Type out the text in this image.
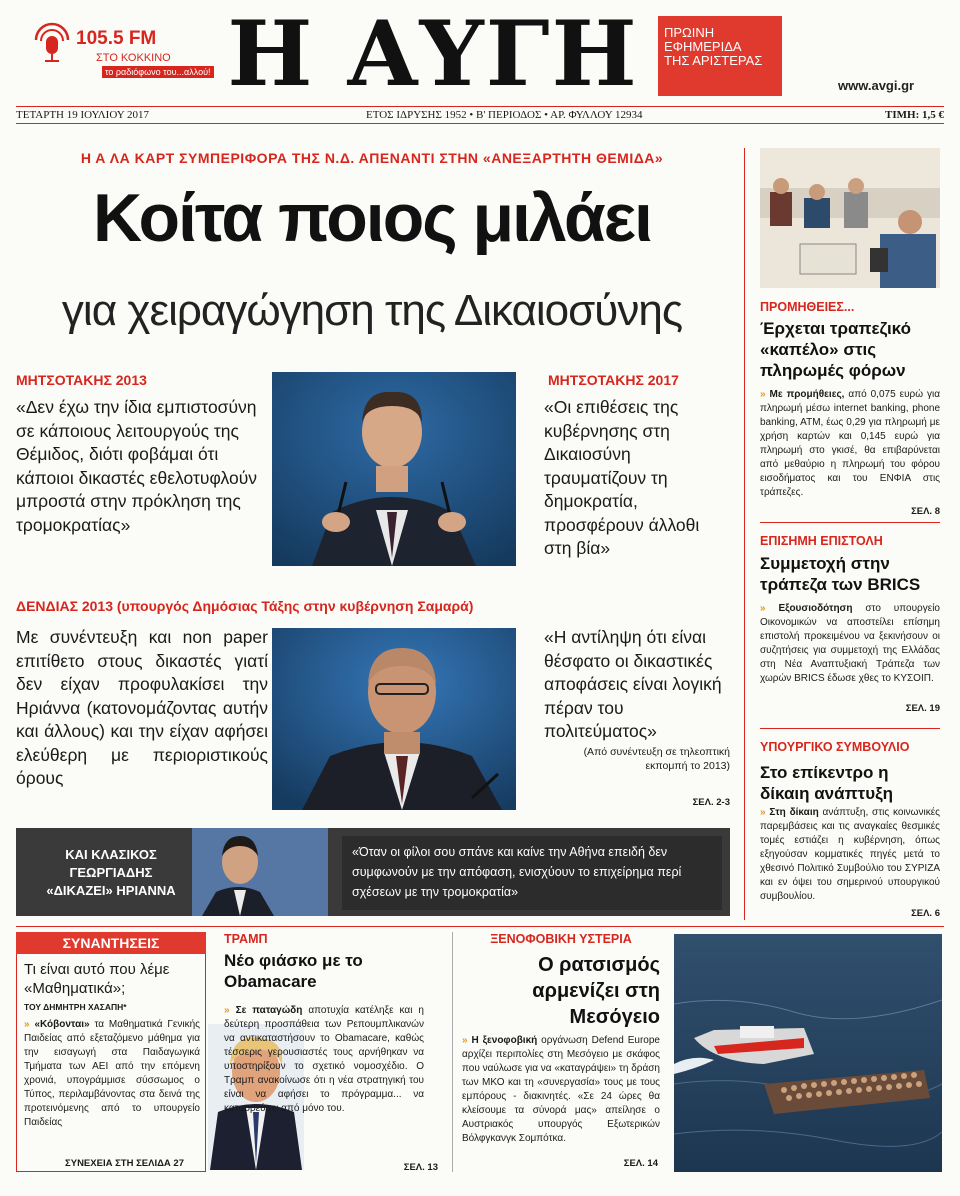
105.5 FM
ΣΤΟ ΚΟΚΚΙΝΟ
το ραδιόφωνο του...αλλού! Η ΑΥΓΗ	ΠΡΩΙΝΗ
ΕΦΗΜΕΡΙΔΑ
ΤΗΣ ΑΡΙΣΤΕΡΑΣ
www.avgi.gr
ΤΕΤΑΡΤΗ 19 ΙΟΥΛΙΟΥ 2017	ΕΤΟΣ ΙΔΡΥΣΗΣ 1952 • Β' ΠΕΡΙΟΔΟΣ • ΑΡ. ΦΥΛΛΟΥ 12934	ΤΙΜΗ: 1,5 €
Η Α ΛΑ ΚΑΡΤ ΣΥΜΠΕΡΙΦΟΡΑ ΤΗΣ Ν.Δ. ΑΠΕΝΑΝΤΙ ΣΤΗΝ «ΑΝΕΞΑΡΤΗΤΗ ΘΕΜΙΔΑ»
Κοίτα ποιος μιλάει
για χειραγώγηση της Δικαιοσύνης
ΜΗΤΣΟΤΑΚΗΣ 2013
«Δεν έχω την ίδια εμπιστοσύνη σε κάποιους λειτουργούς της Θέμιδος, διότι φοβάμαι ότι κάποιοι δικαστές εθελοτυφλούν μπροστά στην πρόκληση της τρομοκρατίας»
ΜΗΤΣΟΤΑΚΗΣ 2017
«Οι επιθέσεις της κυβέρνησης στη Δικαιοσύνη τραυματίζουν τη δημοκρατία, προσφέρουν άλλοθι στη βία»
ΔΕΝΔΙΑΣ 2013 (υπουργός Δημόσιας Τάξης στην κυβέρνηση Σαμαρά)
Με συνέντευξη και non paper επιτίθετο στους δικαστές γιατί δεν είχαν προφυλακίσει την Ηριάννα (κατονομάζοντας αυτήν και άλλους) και την είχαν αφήσει ελεύθερη με περιοριστικούς όρους
«Η αντίληψη ότι είναι θέσφατο οι δικαστικές αποφάσεις είναι λογική πέραν του πολιτεύματος»
(Από συνέντευξη σε τηλεοπτική εκπομπή το 2013)
ΣΕΛ. 2-3
ΚΑΙ ΚΛΑΣΙΚΟΣ
ΓΕΩΡΓΙΑΔΗΣ
«ΔΙΚΑΖΕΙ» ΗΡΙΑΝΝΑ
«Όταν οι φίλοι σου σπάνε και καίνε την Αθήνα επειδή δεν συμφωνούν με την απόφαση, ενισχύουν το επιχείρημα περί σχέσεων με την τρομοκρατία»
ΠΡΟΜΗΘΕΙΕΣ...
Έρχεται τραπεζικό «καπέλο» στις πληρωμές φόρων
» Με προμήθειες, από 0,075 ευρώ για πληρωμή μέσω internet banking, phone banking, ATM, έως 0,29 για πληρωμή με χρήση καρτών και 0,145 ευρώ για πληρωμή στο γκισέ, θα επιβαρύνεται από μεθαύριο η πληρωμή του φόρου εισοδήματος και του ΕΝΦΙΑ στις τράπεζες.
ΣΕΛ. 8
ΕΠΙΣΗΜΗ ΕΠΙΣΤΟΛΗ
Συμμετοχή στην τράπεζα των BRICS
» Εξουσιοδότηση στο υπουργείο Οικονομικών να αποστείλει επίσημη επιστολή προκειμένου να ξεκινήσουν οι συζητήσεις για συμμετοχή της Ελλάδας στη Νέα Αναπτυξιακή Τράπεζα των χωρών BRICS έδωσε χθες το ΚΥΣΟΙΠ.
ΣΕΛ. 19
ΥΠΟΥΡΓΙΚΟ ΣΥΜΒΟΥΛΙΟ
Στο επίκεντρο η δίκαιη ανάπτυξη
» Στη δίκαιη ανάπτυξη, στις κοινωνικές παρεμβάσεις και τις αναγκαίες θεσμικές τομές εστιάζει η κυβέρνηση, όπως εξηγούσαν κομματικές πηγές μετά το χθεσινό Πολιτικό Συμβούλιο του ΣΥΡΙΖΑ και εν όψει του σημερινού υπουργικού συμβουλίου.
ΣΕΛ. 6
ΣΥΝΑΝΤΗΣΕΙΣ
Τι είναι αυτό που λέμε «Μαθηματικά»;
ΤΟΥ ΔΗΜΗΤΡΗ ΧΑΣΑΠΗ*
» «Κόβονται» τα Μαθηματικά Γενικής Παιδείας από εξεταζόμενο μάθημα για την εισαγωγή στα Παιδαγωγικά Τμήματα των ΑΕΙ από την επόμενη χρονιά, υπογράμμισε σύσσωμος ο Τύπος, περιλαμβάνοντας στα δεινά της προτεινόμενης από το υπουργείο Παιδείας
ΣΥΝΕΧΕΙΑ ΣΤΗ ΣΕΛΙΔΑ 27
ΤΡΑΜΠ
Νέο φιάσκο με το Obamacare
» Σε παταγώδη αποτυχία κατέληξε και η δεύτερη προσπάθεια των Ρεπουμπλικανών να αντικαταστήσουν το Obamacare, καθώς τέσσερις γερουσιαστές τους αρνήθηκαν να υποστηρίξουν το σχετικό νομοσχέδιο. Ο Τραμπ ανακοίνωσε ότι η νέα στρατηγική του είναι να αφήσει το πρόγραμμα... να καταρρεύσει από μόνο του.
ΣΕΛ. 13
ΞΕΝΟΦΟΒΙΚΗ ΥΣΤΕΡΙΑ
Ο ρατσισμός αρμενίζει στη Μεσόγειο
» Η ξενοφοβική οργάνωση Defend Europe αρχίζει περιπολίες στη Μεσόγειο με σκάφος που ναύλωσε για να «καταγράψει» τη δράση των ΜΚΟ και τη «συνεργασία» τους με τους εμπόρους - διακινητές. «Σε 24 ώρες θα κλείσουμε τα σύνορά μας» απείλησε ο Αυστριακός υπουργός Εξωτερικών Βόλφγκανγκ Σομπότκα.
ΣΕΛ. 14
